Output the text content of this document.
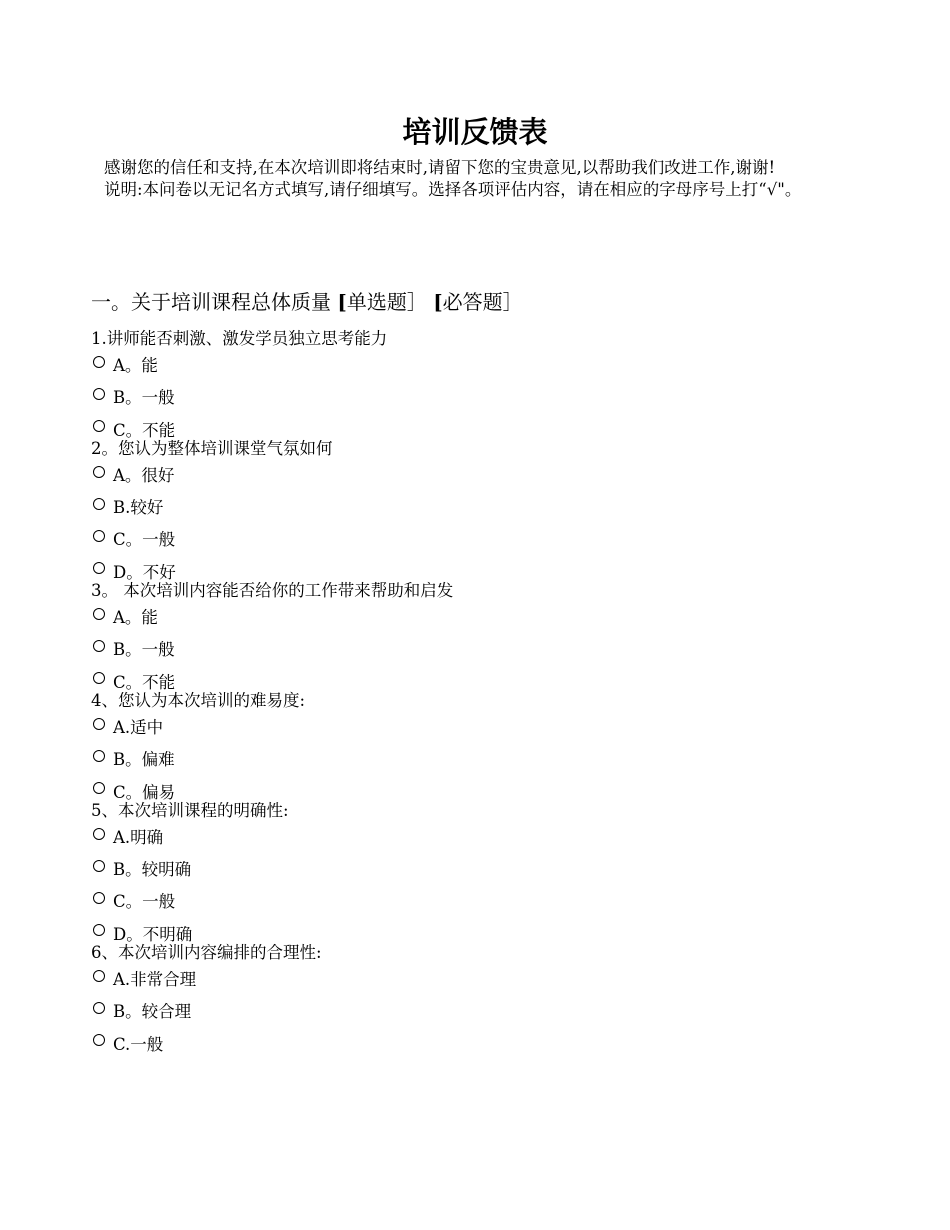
培训反馈表

感谢您的信任和支持,在本次培训即将结束时,请留下您的宝贵意见,以帮助我们改进工作,谢谢!

说明:本问卷以无记名方式填写,请仔细填写。选择各项评估内容，请在相应的字母序号上打“√"。

一。关于培训课程总体质量 [单选题］ [必答题］
1.讲师能否刺激、激发学员独立思考能力
A。能
B。一般
C。不能
2。您认为整体培训课堂气氛如何
A。很好
B.较好
C。一般
D。不好
3。 本次培训内容能否给你的工作带来帮助和启发
A。能
B。一般
C。不能
4、您认为本次培训的难易度:
A.适中
B。偏难
C。偏易
5、本次培训课程的明确性:
A.明确
B。较明确
C。一般
D。不明确
6、本次培训内容编排的合理性:
A.非常合理
B。较合理
C.一般
